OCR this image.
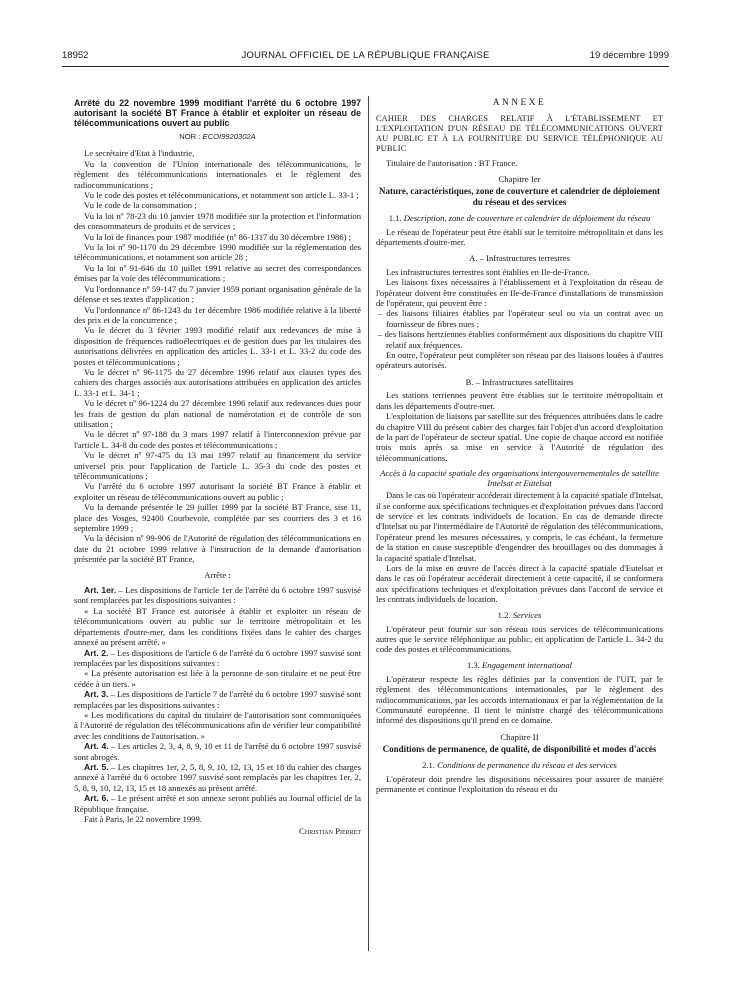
18952	JOURNAL OFFICIEL DE LA RÉPUBLIQUE FRANÇAISE	19 décembre 1999
Arrêté du 22 novembre 1999 modifiant l'arrêté du 6 octobre 1997 autorisant la société BT France à établir et exploiter un réseau de télécommunications ouvert au public
NOR : ECOI9920302A

Le secrétaire d'Etat à l'industrie,

Vu la convention de l'Union internationale des télécommunications, le règlement des télécommunications internationales et le règlement des radiocommunications ;

Vu le code des postes et télécommunications, et notamment son article L. 33-1 ;

Vu le code de la consommation ;

Vu la loi nº 78-23 du 10 janvier 1978 modifiée sur la protection et l'information des consommateurs de produits et de services ;

Vu la loi de finances pour 1987 modifiée (nº 86-1317 du 30 décembre 1986) ;

Vu la loi nº 90-1170 du 29 décembre 1990 modifiée sur la réglementation des télécommunications, et notamment son article 28 ;

Vu la loi nº 91-646 du 10 juillet 1991 relative au secret des correspondances émises par la voie des télécommunications ;

Vu l'ordonnance nº 59-147 du 7 janvier 1959 portant organisation générale de la défense et ses textes d'application ;

Vu l'ordonnance nº 86-1243 du 1er décembre 1986 modifiée relative à la liberté des prix et de la concurrence ;

Vu le décret du 3 février 1993 modifié relatif aux redevances de mise à disposition de fréquences radioélectriques et de gestion dues par les titulaires des autorisations délivrées en application des articles L. 33-1 et L. 33-2 du code des postes et télécommunications ;

Vu le décret nº 96-1175 du 27 décembre 1996 relatif aux clauses types des cahiers des charges associés aux autorisations attribuées en application des articles L. 33-1 et L. 34-1 ;

Vu le décret nº 96-1224 du 27 décembre 1996 relatif aux redevances dues pour les frais de gestion du plan national de numérotation et de contrôle de son utilisation ;

Vu le décret nº 97-188 du 3 mars 1997 relatif à l'interconnexion prévue par l'article L. 34-8 du code des postes et télécommunications ;

Vu le décret nº 97-475 du 13 mai 1997 relatif au financement du service universel pris pour l'application de l'article L. 35-3 du code des postes et télécommunications ;

Vu l'arrêté du 6 octobre 1997 autorisant la société BT France à établir et exploiter un réseau de télécommunications ouvert au public ;

Vu la demande présentée le 29 juillet 1999 par la société BT France, sise 11, place des Vosges, 92400 Courbevoie, complétée par ses courriers des 3 et 16 septembre 1999 ;

Vu la décision nº 99-906 de l'Autorité de régulation des télécommunications en date du 21 octobre 1999 relative à l'instruction de la demande d'autorisation présentée par la société BT France,

Arrête :

Art. 1er. – Les dispositions de l'article 1er de l'arrêté du 6 octobre 1997 susvisé sont remplacées par les dispositions suivantes :

« La société BT France est autorisée à établir et exploiter un réseau de télécommunications ouvert au public sur le territoire métropolitain et les départements d'outre-mer, dans les conditions fixées dans le cahier des charges annexé au présent arrêté. »

Art. 2. – Les dispositions de l'article 6 de l'arrêté du 6 octobre 1997 susvisé sont remplacées par les dispositions suivantes :

« La présente autorisation est liée à la personne de son titulaire et ne peut être cédée à un tiers. »

Art. 3. – Les dispositions de l'article 7 de l'arrêté du 6 octobre 1997 susvisé sont remplacées par les dispositions suivantes :

« Les modifications du capital du titulaire de l'autorisation sont communiquées à l'Autorité de régulation des télécommunications afin de vérifier leur compatibilité avec les conditions de l'autorisation. »

Art. 4. – Les articles 2, 3, 4, 8, 9, 10 et 11 de l'arrêté du 6 octobre 1997 susvisé sont abrogés.

Art. 5. – Les chapitres 1er, 2, 5, 8, 9, 10, 12, 13, 15 et 18 du cahier des charges annexé à l'arrêté du 6 octobre 1997 susvisé sont remplacés par les chapitres 1er, 2, 5, 8, 9, 10, 12, 13, 15 et 18 annexés au présent arrêté.

Art. 6. – Le présent arrêté et son annexe seront publiés au Journal officiel de la République française.

Fait à Paris, le 22 novembre 1999.

Christian Pierret
ANNEXE
CAHIER DES CHARGES RELATIF À L'ÉTABLISSEMENT ET L'EXPLOITATION D'UN RÉSEAU DE TÉLÉCOMMUNICATIONS OUVERT AU PUBLIC ET À LA FOURNITURE DU SERVICE TÉLÉPHONIQUE AU PUBLIC

Titulaire de l'autorisation : BT France.

Chapitre Ier
Nature, caractéristiques, zone de couverture et calendrier de déploiement du réseau et des services
1.1. Description, zone de couverture et calendrier de déploiement du réseau

Le réseau de l'opérateur peut être établi sur le territoire métropolitain et dans les départements d'outre-mer.

A. – Infrastructures terrestres

Les infrastructures terrestres sont établies en Ile-de-France.

Les liaisons fixes nécessaires à l'établissement et à l'exploitation du réseau de l'opérateur doivent être constituées en Ile-de-France d'installations de transmission de l'opérateur, qui peuvent être :

– des liaisons filiaires établies par l'opérateur seul ou via un contrat avec un fournisseur de fibres nues ;
– des liaisons hertziennes établies conformément aux dispositions du chapitre VIII relatif aux fréquences.

En outre, l'opérateur peut compléter son réseau par des liaisons louées à d'autres opérateurs autorisés.

B. – Infrastructures satellitaires

Les stations terriennes peuvent être établies sur le territoire métropolitain et dans les départements d'outre-mer.

L'exploitation de liaisons par satellite sur des fréquences attribuées dans le cadre du chapitre VIII du présent cahier des charges fait l'objet d'un accord d'exploitation de la part de l'opérateur de secteur spatial. Une copie de chaque accord est notifiée trois mois après sa mise en service à l'Autorité de régulation des télécommunications.

Accès à la capacité spatiale des organisations intergouvernementales de satellite Intelsat et Eutelsat

Dans le cas où l'opérateur accéderait directement à la capacité spatiale d'Intelsat, il se conforme aux spécifications techniques et d'exploitation prévues dans l'accord de service et les contrats individuels de location. En cas de demande directe d'Intelsat ou par l'intermédiaire de l'Autorité de régulation des télécommunications, l'opérateur prend les mesures nécessaires, y compris, le cas échéant, la fermeture de la station en cause susceptible d'engendrer des brouillages ou des dommages à la capacité spatiale d'Intelsat.

Lors de la mise en œuvre de l'accès direct à la capacité spatiale d'Eutelsat et dans le cas où l'opérateur accéderait directement à cette capacité, il se conformera aux spécifications techniques et d'exploitation prévues dans l'accord de service et les contrats individuels de location.

1.2. Services

L'opérateur peut fournir sur son réseau tous services de télécommunications autres que le service téléphonique au public, en application de l'article L. 34-2 du code des postes et télécommunications.

1.3. Engagement international

L'opérateur respecte les règles définies par la convention de l'UIT, par le règlement des télécommunications internationales, par le règlement des radiocommunications, par les accords internationaux et par la réglementation de la Communauté européenne. Il tient le ministre chargé des télécommunications informé des dispositions qu'il prend en ce domaine.

Chapitre II
Conditions de permanence, de qualité, de disponibilité et modes d'accès
2.1. Conditions de permanence du réseau et des services

L'opérateur doit prendre les dispositions nécessaires pour assurer de manière permanente et continue l'exploitation du réseau et du
